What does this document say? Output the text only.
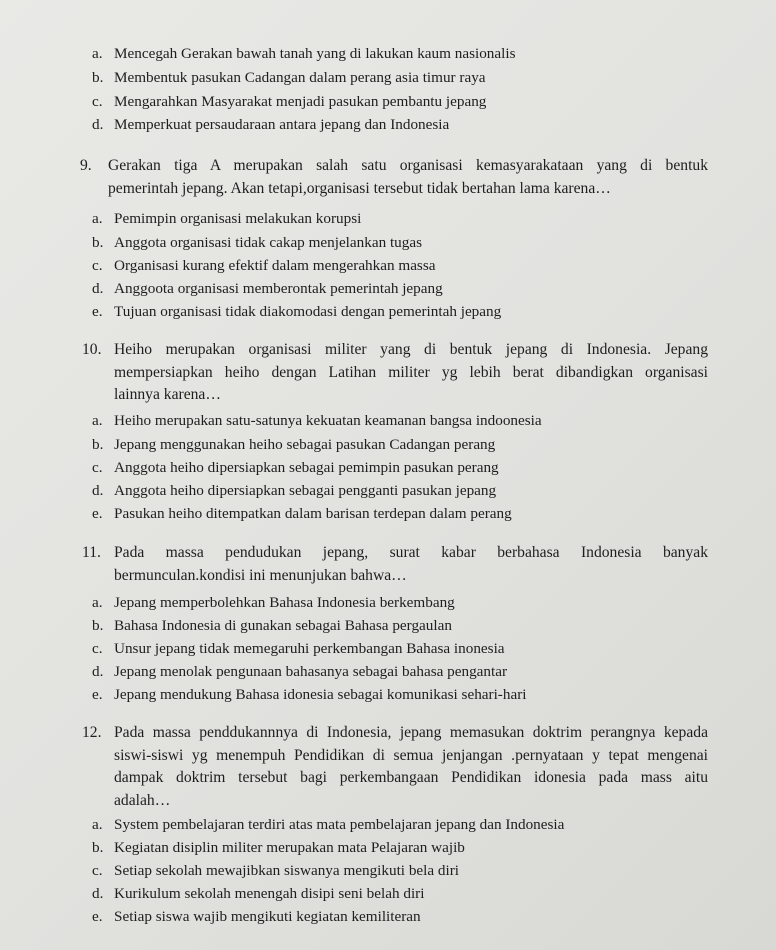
a. Mencegah Gerakan bawah tanah yang di lakukan kaum nasionalis
b. Membentuk pasukan Cadangan dalam perang asia timur raya
c. Mengarahkan Masyarakat menjadi pasukan pembantu jepang
d. Memperkuat persaudaraan antara jepang dan Indonesia
9. Gerakan tiga A merupakan salah satu organisasi kemasyarakataan yang di bentuk
pemerintah jepang. Akan tetapi,organisasi tersebut tidak bertahan lama karena…
a. Pemimpin organisasi melakukan korupsi
b. Anggota organisasi tidak cakap menjelankan tugas
c. Organisasi kurang efektif dalam mengerahkan massa
d. Anggoota organisasi memberontak pemerintah jepang
e. Tujuan organisasi tidak diakomodasi dengan pemerintah jepang
10. Heiho merupakan organisasi militer yang di bentuk jepang di Indonesia. Jepang
mempersiapkan heiho dengan Latihan militer yg lebih berat dibandigkan organisasi
lainnya karena…
a. Heiho merupakan satu-satunya kekuatan keamanan bangsa indoonesia
b. Jepang menggunakan heiho sebagai pasukan Cadangan perang
c. Anggota heiho dipersiapkan sebagai pemimpin pasukan perang
d. Anggota heiho dipersiapkan sebagai pengganti pasukan jepang
e. Pasukan heiho ditempatkan dalam barisan terdepan dalam perang
11. Pada massa pendudukan jepang, surat kabar berbahasa Indonesia banyak
bermunculan.kondisi ini menunjukan bahwa…
a. Jepang memperbolehkan Bahasa Indonesia berkembang
b. Bahasa Indonesia di gunakan sebagai Bahasa pergaulan
c. Unsur jepang tidak memegaruhi perkembangan Bahasa inonesia
d. Jepang menolak pengunaan bahasanya sebagai bahasa pengantar
e. Jepang mendukung Bahasa idonesia sebagai komunikasi sehari-hari
12. Pada massa penddukannnya di Indonesia, jepang memasukan doktrim perangnya kepada
siswi-siswi yg menempuh Pendidikan di semua jenjangan .pernyataan y tepat mengenai
dampak doktrim tersebut bagi perkembangaan Pendidikan idonesia pada mass aitu
adalah…
a. System pembelajaran terdiri atas mata pembelajaran jepang dan Indonesia
b. Kegiatan disiplin militer merupakan mata Pelajaran wajib
c. Setiap sekolah mewajibkan siswanya mengikuti bela diri
d. Kurikulum sekolah menengah disipi seni belah diri
e. Setiap siswa wajib mengikuti kegiatan kemiliteran
